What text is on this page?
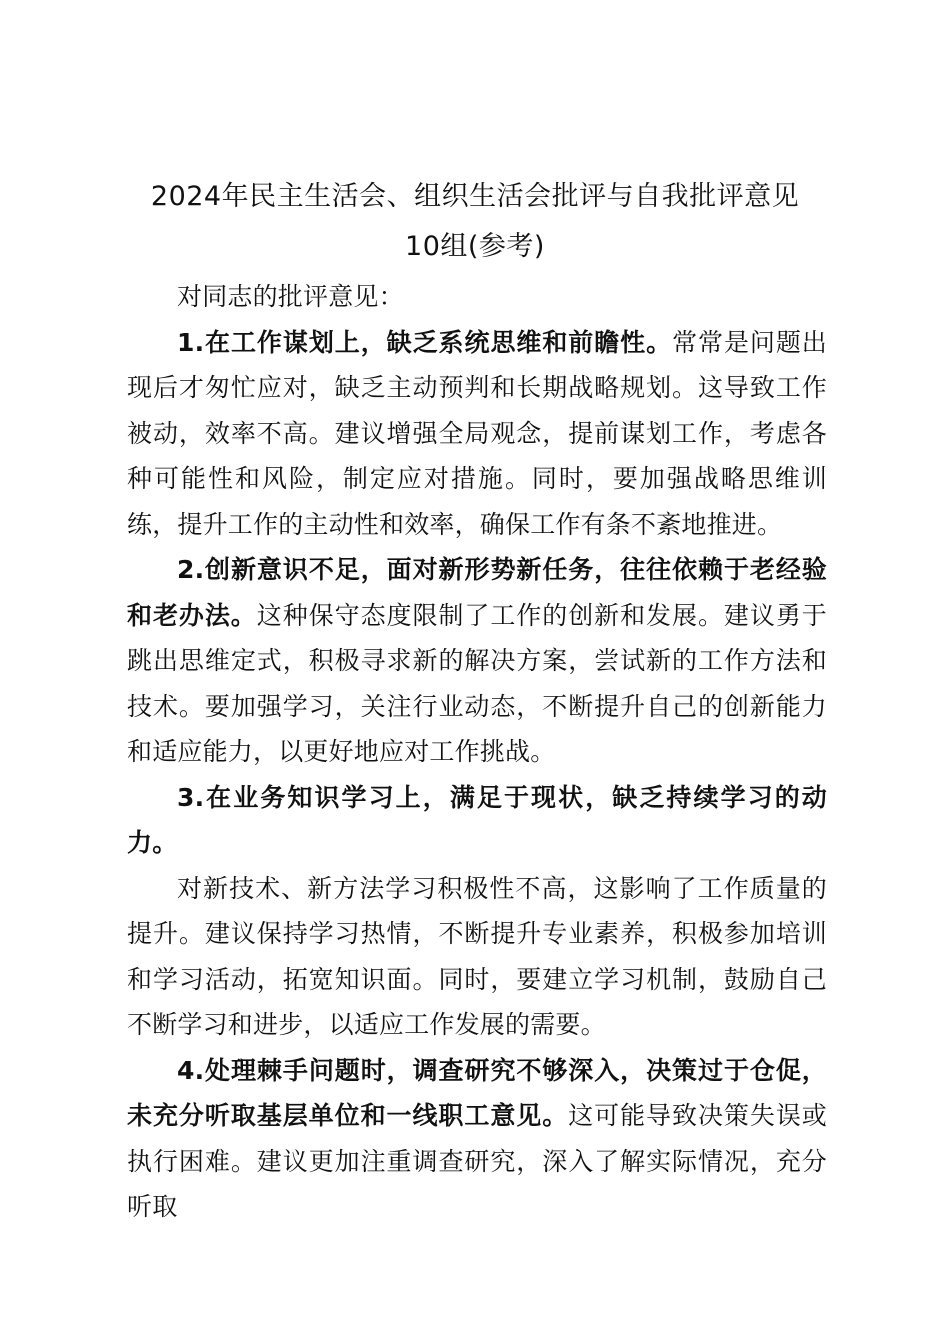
2024年民主生活会、组织生活会批评与自我批评意见
10组(参考)

对同志的批评意见：

1.在工作谋划上，缺乏系统思维和前瞻性。常常是问题出现后才匆忙应对，缺乏主动预判和长期战略规划。这导致工作被动，效率不高。建议增强全局观念，提前谋划工作，考虑各种可能性和风险，制定应对措施。同时，要加强战略思维训练，提升工作的主动性和效率，确保工作有条不紊地推进。

2.创新意识不足，面对新形势新任务，往往依赖于老经验和老办法。这种保守态度限制了工作的创新和发展。建议勇于跳出思维定式，积极寻求新的解决方案，尝试新的工作方法和技术。要加强学习，关注行业动态，不断提升自己的创新能力和适应能力，以更好地应对工作挑战。

3.在业务知识学习上，满足于现状，缺乏持续学习的动力。

对新技术、新方法学习积极性不高，这影响了工作质量的提升。建议保持学习热情，不断提升专业素养，积极参加培训和学习活动，拓宽知识面。同时，要建立学习机制，鼓励自己不断学习和进步，以适应工作发展的需要。

4.处理棘手问题时，调查研究不够深入，决策过于仓促，未充分听取基层单位和一线职工意见。这可能导致决策失误或执行困难。建议更加注重调查研究，深入了解实际情况，充分听取
